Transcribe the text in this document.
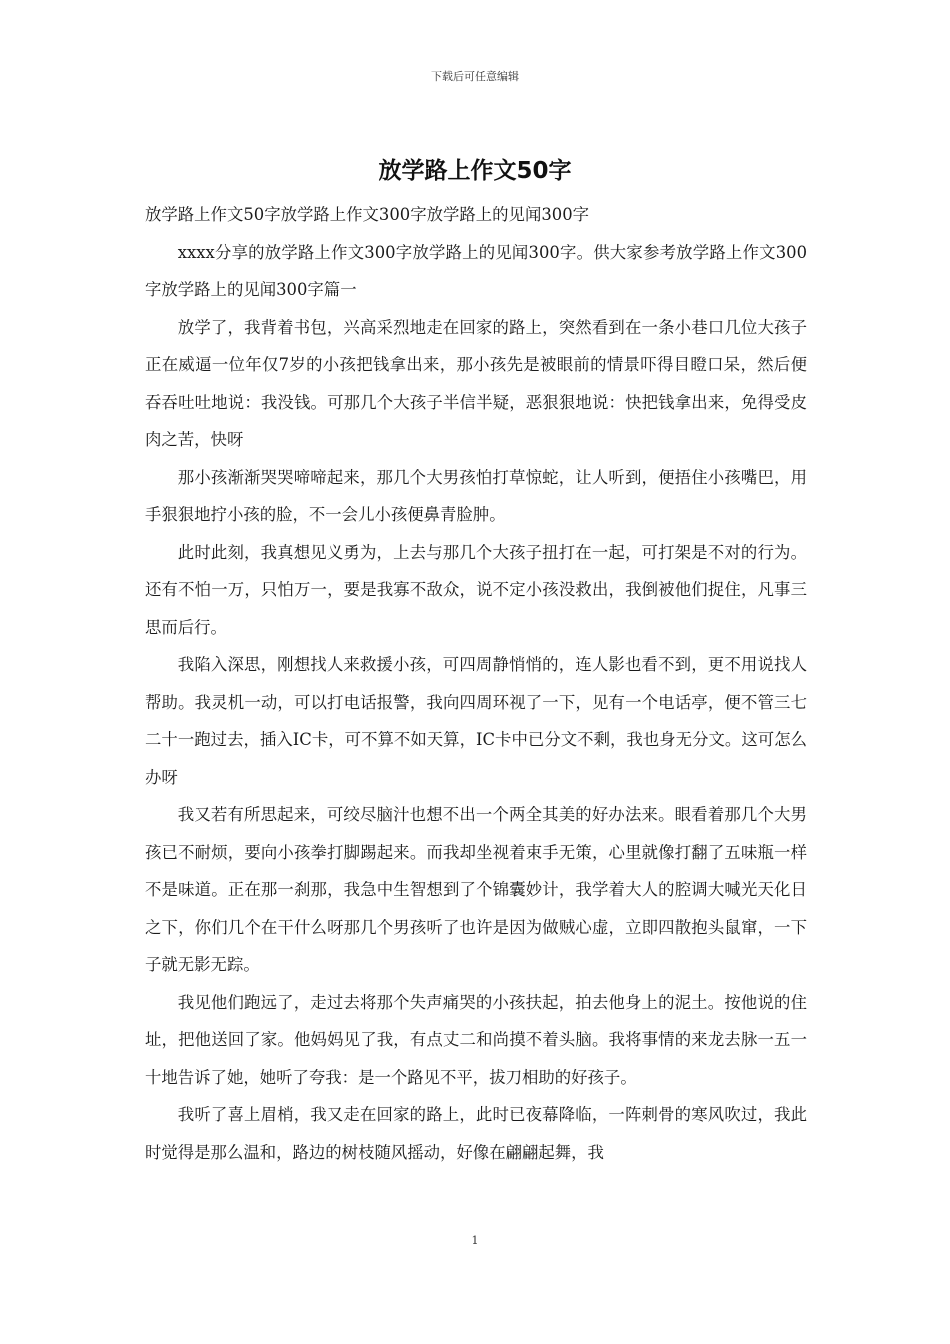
下载后可任意编辑
放学路上作文50字

放学路上作文50字放学路上作文300字放学路上的见闻300字

xxxx分享的放学路上作文300字放学路上的见闻300字。供大家参考放学路上作文300字放学路上的见闻300字篇一

放学了，我背着书包，兴高采烈地走在回家的路上，突然看到在一条小巷口几位大孩子正在威逼一位年仅7岁的小孩把钱拿出来，那小孩先是被眼前的情景吓得目瞪口呆，然后便吞吞吐吐地说：我没钱。可那几个大孩子半信半疑，恶狠狠地说：快把钱拿出来，免得受皮肉之苦，快呀

那小孩渐渐哭哭啼啼起来，那几个大男孩怕打草惊蛇，让人听到，便捂住小孩嘴巴，用手狠狠地拧小孩的脸，不一会儿小孩便鼻青脸肿。

此时此刻，我真想见义勇为，上去与那几个大孩子扭打在一起，可打架是不对的行为。还有不怕一万，只怕万一，要是我寡不敌众，说不定小孩没救出，我倒被他们捉住，凡事三思而后行。

我陷入深思，刚想找人来救援小孩，可四周静悄悄的，连人影也看不到，更不用说找人帮助。我灵机一动，可以打电话报警，我向四周环视了一下，见有一个电话亭，便不管三七二十一跑过去，插入IC卡，可不算不如天算，IC卡中已分文不剩，我也身无分文。这可怎么办呀

我又若有所思起来，可绞尽脑汁也想不出一个两全其美的好办法来。眼看着那几个大男孩已不耐烦，要向小孩拳打脚踢起来。而我却坐视着束手无策，心里就像打翻了五味瓶一样不是味道。正在那一刹那，我急中生智想到了个锦囊妙计，我学着大人的腔调大喊光天化日之下，你们几个在干什么呀那几个男孩听了也许是因为做贼心虚，立即四散抱头鼠窜，一下子就无影无踪。

我见他们跑远了，走过去将那个失声痛哭的小孩扶起，拍去他身上的泥土。按他说的住址，把他送回了家。他妈妈见了我，有点丈二和尚摸不着头脑。我将事情的来龙去脉一五一十地告诉了她，她听了夸我：是一个路见不平，拔刀相助的好孩子。

我听了喜上眉梢，我又走在回家的路上，此时已夜幕降临，一阵刺骨的寒风吹过，我此时觉得是那么温和，路边的树枝随风摇动，好像在翩翩起舞，我

1
